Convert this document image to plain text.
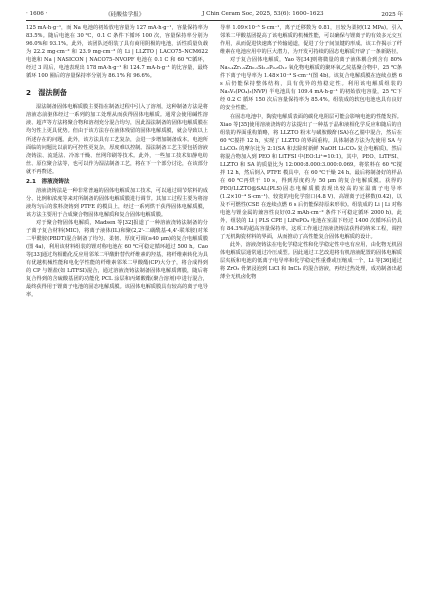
· 1606 ·	《硅酸盐学报》	J Chin Ceram Soc, 2025, 53(6): 1600–1623	2025 年

125 mA·h·g⁻¹，而 Na 电池的初始放电容量为 127 mA·h·g⁻¹，容量保持率为 83.5%。随后电池在 30 ℃，0.1 C 条件下循环 100 次，容量保持率分别为 96.0%和 93.1%。此外，该团队还组装了具有商用阴极的电池，活性质量负载为 22.2 mg·cm⁻² 和 23.9 mg·cm⁻² 的 Li | LLZTO | LACO75–NCM622 电池和 Na | NASICON | NACO75–NVOPF 电池在 0.1 C 和 60 ℃循环，经过 3 周后，电池表现出 178 mA·h·g⁻¹ 和 124.7 mA·h·g⁻¹ 的比容量，最终循环 100 圈后的容量保持率分别为 86.1% 和 96.6%。

2　湿法制备

湿法制备固体电解质膜主要指在制备过程中引入了溶剂，这种制备方法是将溶液态前驱体经过一系列的加工处理从而获得固体电解质。通常会使用碱性溶液、超声等方法将聚合物和溶剂充分混合均匀，因此湿法制备的固体电解质膜在均匀性上更具优势。但由于该方法存在液体残留的固体电解质膜，就会导致以上所述存在的问题。此外，该方法具有工艺复杂，会进一步增加制备成本。电池所面临的问题比以前的可控性更复杂，厚度难以控制。湿法制备工艺主要包括溶液浇铸法、流延法、冷冻干燥、丝网印刷等技术。此外，一些加工技术如静电纺丝、原位聚合法等，也可以作为湿法制备工艺，将在下一个部分讨论，在该部分就不再赘述。

2.1　溶液浇铸法

溶液浇铸法是一种非常普遍的固体电解质加工技术，可以通过调节浆料的成分、比例和浓度等来对所制备的固体电解质膜进行调节。其加工过程主要为将溶液均匀后的浆料浇铸到 PTFE 的模具上，经过一系列烘干获得固体电解质膜，该方法主要用于合成聚合物固体电解质和复合固体电解质膜。

对于聚合物固体电解质，Madsen 等[32]报道了一种溶液浇铸法制备的分子离子复合材料(MIC)，将离子液体(IL)和聚(2,2'-二磺酰基-4,4'-联苯胺)对苯二甲酰胺(PBDT)混合制备了均匀、柔韧、厚度可调(≥40 μm)的复合电解质膜(图 4a)，利用该材料组装的锂对称电池在 60 ℃可稳定循环超过 500 h。Cao 等[33]通过均相酯化反应用邻苯二甲酸酐替代纤维素的羟基，将纤维素转化为具有优越机械性能和电化学性能的纤维素邻苯二甲酸酯(CP)大分子，将合成得到的 CP 与锂盐(如 LiTFSI)混合，通过溶液浇铸法制备固体电解质薄膜，随后将复合得到的含硫酸基团的功能化 PCL 涂层和丙烯酸酯(聚合溶剂)中进行混合，最终获得用于锂离子电池的固态电解质膜。该固体电解质膜具有较高的离子电导率。

导率 1.09×10⁻⁵ S·cm⁻¹，离子迁移数为 0.81，且较为柔韧(12 MPa)。引入邻苯二甲酸基团提高了该电解质的机械性能，可以确保与锂离子的有效多元交互作用，从而促进快速离子传输通道，促进了分子间氢键的形成。该工作揭示了纤维素在电池应用中的巨大潜力，为开发可持续的固态电解质开辟了一条新路径。

对于复合固体电解质，Yao 等[34]则将微量的离子液体耦合到含有 80% Na₃.₄Zr₁.₉Zn₀.₁Si₂.₂P₀.₈O₁₂ 氧化物电解质的聚环氧乙烷基聚合物中，25 ℃条件下离子电导率为 1.48×10⁻⁴ S·cm⁻¹(图 4b)。该复合电解质膜在连续点燃 6 s 后仍能保持整体结构，具有优异的热稳定性。利用该电解质组装的 Na₃V₂(PO₄)₃(NVP) 半电池具有 109.4 mA·h·g⁻¹ 的初始放电容量，25 ℃下经 0.2 C 循环 150 次后容量保持率为 85.4%。组装成的软包电池也具有良好的安全性能。

在固态电池中，陶瓷电解质表面的碳化电阻层可能会影响电池的性能发挥。Xiao 等[35]使用溶液浇铸的方法提出了一种基于晶和液相化学反应和随后的自组装的界面重构策略，将 LLZTO 粉末与磺胺酸酐(SA)在乙腈中混合，然后在 60 ℃搅拌 12 h，实现了 LLZTO 的界面重构。具体制备方法为先使用 SA 与 Li₂CO₃ 的摩尔比为 2:1(SA 和去除时新鲜 NaOH Li₂CO₃ 复合电解质)。然后将混合物加入到 PEO 和 LiTFSI 中(EO:Li⁺=10:1)。其中，PEO、LiTFSI、LLZTO 和 SA 的质量比为 12:000:8.000:3.000:0.069。将浆料在 60 ℃搅拌 12 h，然后倒入 PTFE 模具中，在 60 ℃干燥 24 h。最后将制备好的样品在 60 ℃再烘干 10 s，得到厚度约为 50 μm 的复合电解质膜。获得的 PEO/LLZTO@SAL(PLS)固态电解质膜表现出较高的室温离子电导率(1.2×10⁻⁴ S·cm⁻¹)、较宽的电化学窗口(4.8 V)、高锂离子迁移数(0.42)，以及不可燃性(CSE 在连续点燃 6 s 后仍能保持原来形状)。组装成的 Li | Li 对称电池与锂金属的兼容性良好(0.2 mAh·cm⁻² 条件下可稳定循环 2000 h)。此外，组装的 Li | PLS CPE | LiFePO₄ 电池在室温下经过 1400 次循环后仍具有 84.3%的超高容量保持率。这项工作通过溶液浇铸法获得的纳米工程，调控了无机陶瓷材料的界面，从而推动了高性能复合固体电解质的设计。

此外，溶液浇铸法在电化学稳定性和化学稳定性中也有应用，由化物无机固体电解质层通常通过冷压成型。因此通过工艺改进将有机溶液配置的固体电解质层夹板和电池的低离子电导率和化学稳定性重叠或压缩成一个，Li 等[36]通过将 ZrO₂ 骨架浸泡到 LiCl 和 InCl₃ 的混合溶液，再经过热处理，成功制备出超薄全无机卤化物
